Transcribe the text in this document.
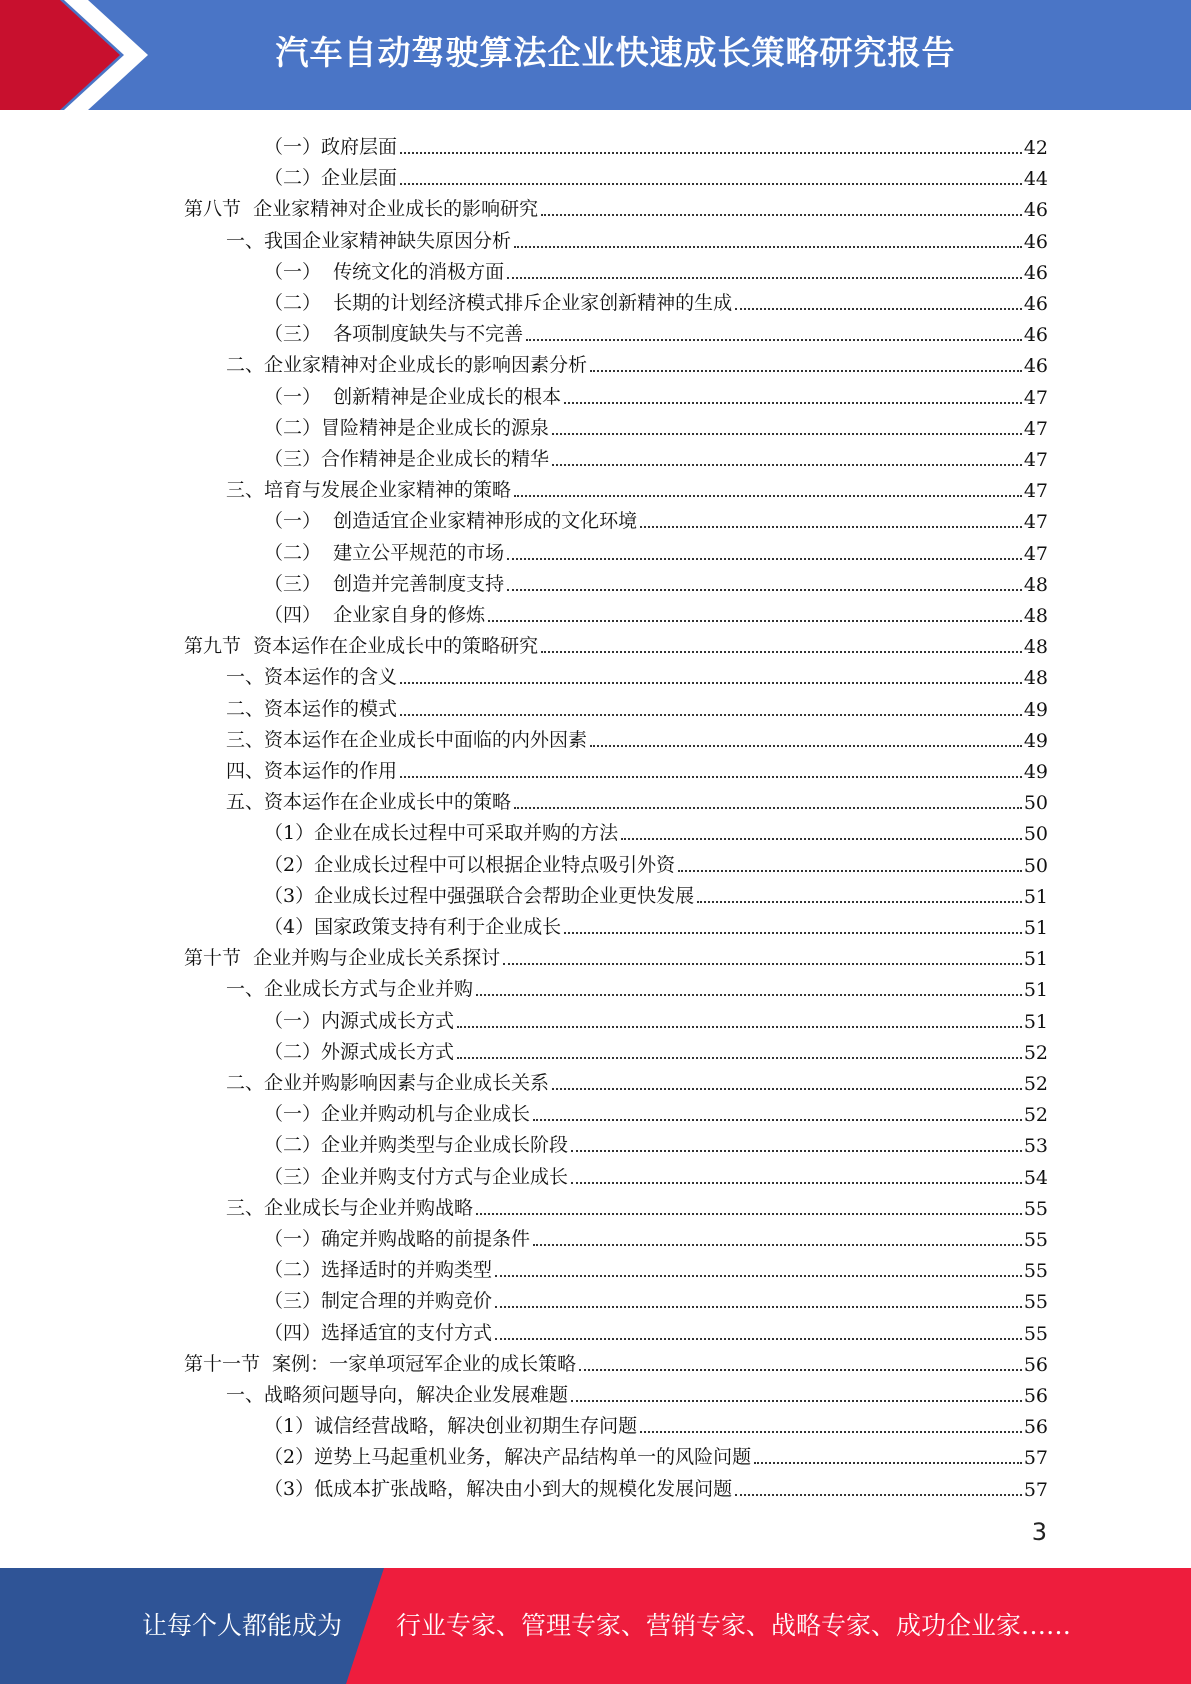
汽车自动驾驶算法企业快速成长策略研究报告
（一）政府层面	42
（二）企业层面	44
第八节  企业家精神对企业成长的影响研究	46
一、我国企业家精神缺失原因分析	46
（一）  传统文化的消极方面	46
（二）  长期的计划经济模式排斥企业家创新精神的生成	46
（三）  各项制度缺失与不完善	46
二、企业家精神对企业成长的影响因素分析	46
（一）  创新精神是企业成长的根本	47
（二）冒险精神是企业成长的源泉	47
（三）合作精神是企业成长的精华	47
三、培育与发展企业家精神的策略	47
（一）  创造适宜企业家精神形成的文化环境	47
（二）  建立公平规范的市场	47
（三）  创造并完善制度支持	48
（四）  企业家自身的修炼	48
第九节  资本运作在企业成长中的策略研究	48
一、资本运作的含义	48
二、资本运作的模式	49
三、资本运作在企业成长中面临的内外因素	49
四、资本运作的作用	49
五、资本运作在企业成长中的策略	50
（1）企业在成长过程中可采取并购的方法	50
（2）企业成长过程中可以根据企业特点吸引外资	50
（3）企业成长过程中强强联合会帮助企业更快发展	51
（4）国家政策支持有利于企业成长	51
第十节  企业并购与企业成长关系探讨	51
一、企业成长方式与企业并购	51
（一）内源式成长方式	51
（二）外源式成长方式	52
二、企业并购影响因素与企业成长关系	52
（一）企业并购动机与企业成长	52
（二）企业并购类型与企业成长阶段	53
（三）企业并购支付方式与企业成长	54
三、企业成长与企业并购战略	55
（一）确定并购战略的前提条件	55
（二）选择适时的并购类型	55
（三）制定合理的并购竞价	55
（四）选择适宜的支付方式	55
第十一节  案例：一家单项冠军企业的成长策略	56
一、战略须问题导向，解决企业发展难题	56
（1）诚信经营战略，解决创业初期生存问题	56
（2）逆势上马起重机业务，解决产品结构单一的风险问题	57
（3）低成本扩张战略，解决由小到大的规模化发展问题	57
3
让每个人都能成为 行业专家、管理专家、营销专家、战略专家、成功企业家……
